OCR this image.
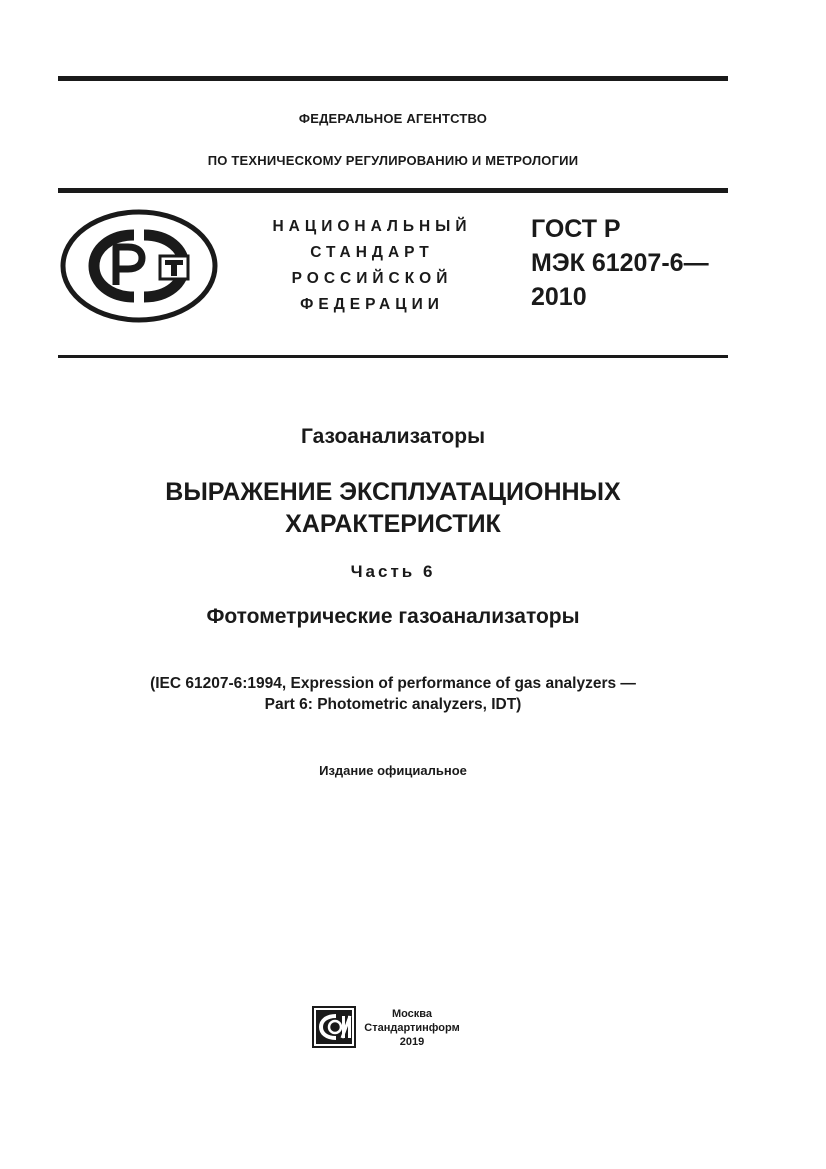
ФЕДЕРАЛЬНОЕ АГЕНТСТВО
ПО ТЕХНИЧЕСКОМУ РЕГУЛИРОВАНИЮ И МЕТРОЛОГИИ
НАЦИОНАЛЬНЫЙ
СТАНДАРТ
РОССИЙСКОЙ
ФЕДЕРАЦИИ
ГОСТ Р
МЭК 61207-6—
2010
Газоанализаторы
ВЫРАЖЕНИЕ ЭКСПЛУАТАЦИОННЫХ
ХАРАКТЕРИСТИК
Часть 6
Фотометрические газоанализаторы
(IEC 61207-6:1994, Expression of performance of gas analyzers —
Part 6: Photometric analyzers, IDT)
Издание официальное
Москва
Стандартинформ
2019
